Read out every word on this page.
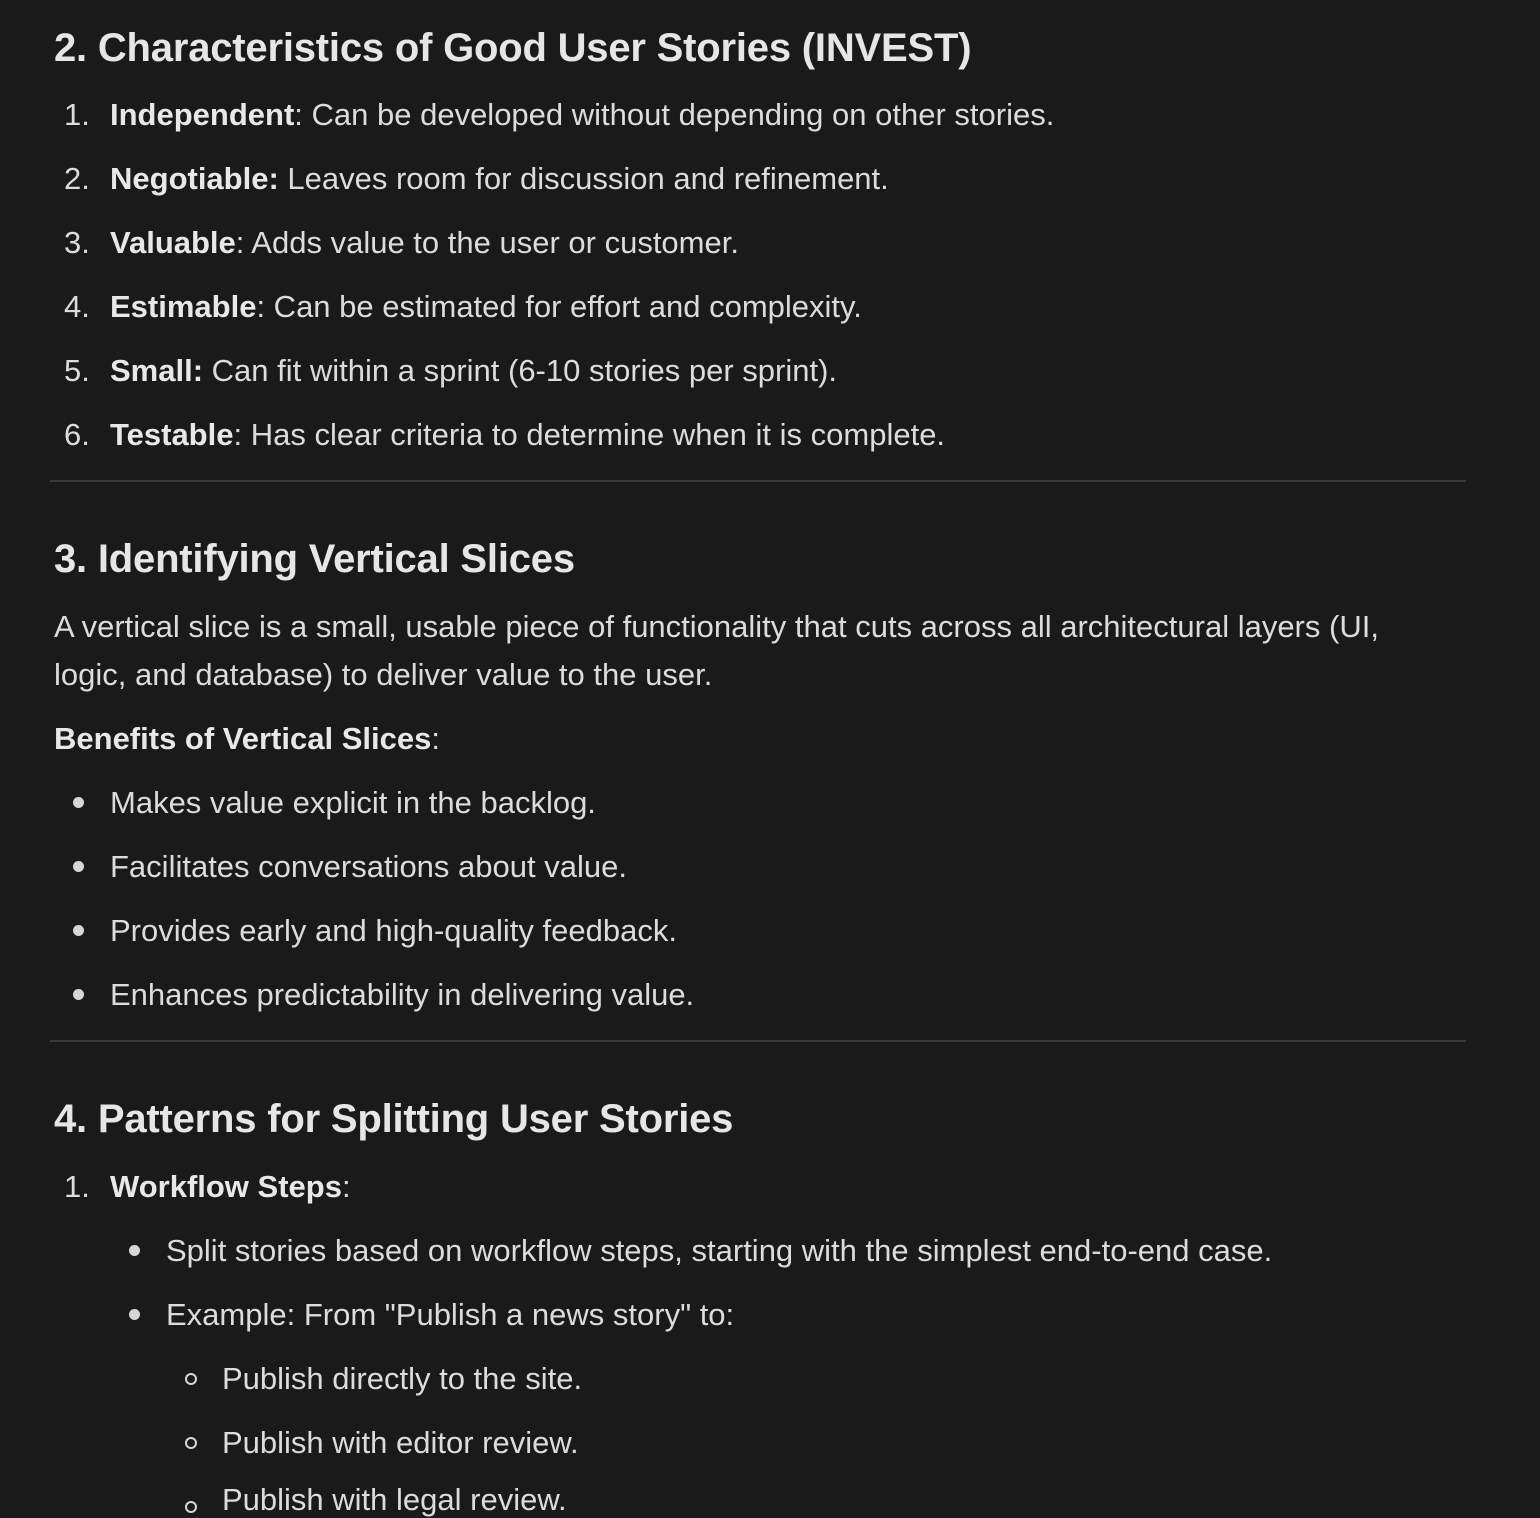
2. Characteristics of Good User Stories (INVEST)
1. Independent: Can be developed without depending on other stories.
2. Negotiable: Leaves room for discussion and refinement.
3. Valuable: Adds value to the user or customer.
4. Estimable: Can be estimated for effort and complexity.
5. Small: Can fit within a sprint (6-10 stories per sprint).
6. Testable: Has clear criteria to determine when it is complete.
3. Identifying Vertical Slices
A vertical slice is a small, usable piece of functionality that cuts across all architectural layers (UI,
logic, and database) to deliver value to the user.
Benefits of Vertical Slices:
Makes value explicit in the backlog.
Facilitates conversations about value.
Provides early and high-quality feedback.
Enhances predictability in delivering value.
4. Patterns for Splitting User Stories
1. Workflow Steps:
Split stories based on workflow steps, starting with the simplest end-to-end case.
Example: From "Publish a news story" to:
Publish directly to the site.
Publish with editor review.
Publish with legal review.
